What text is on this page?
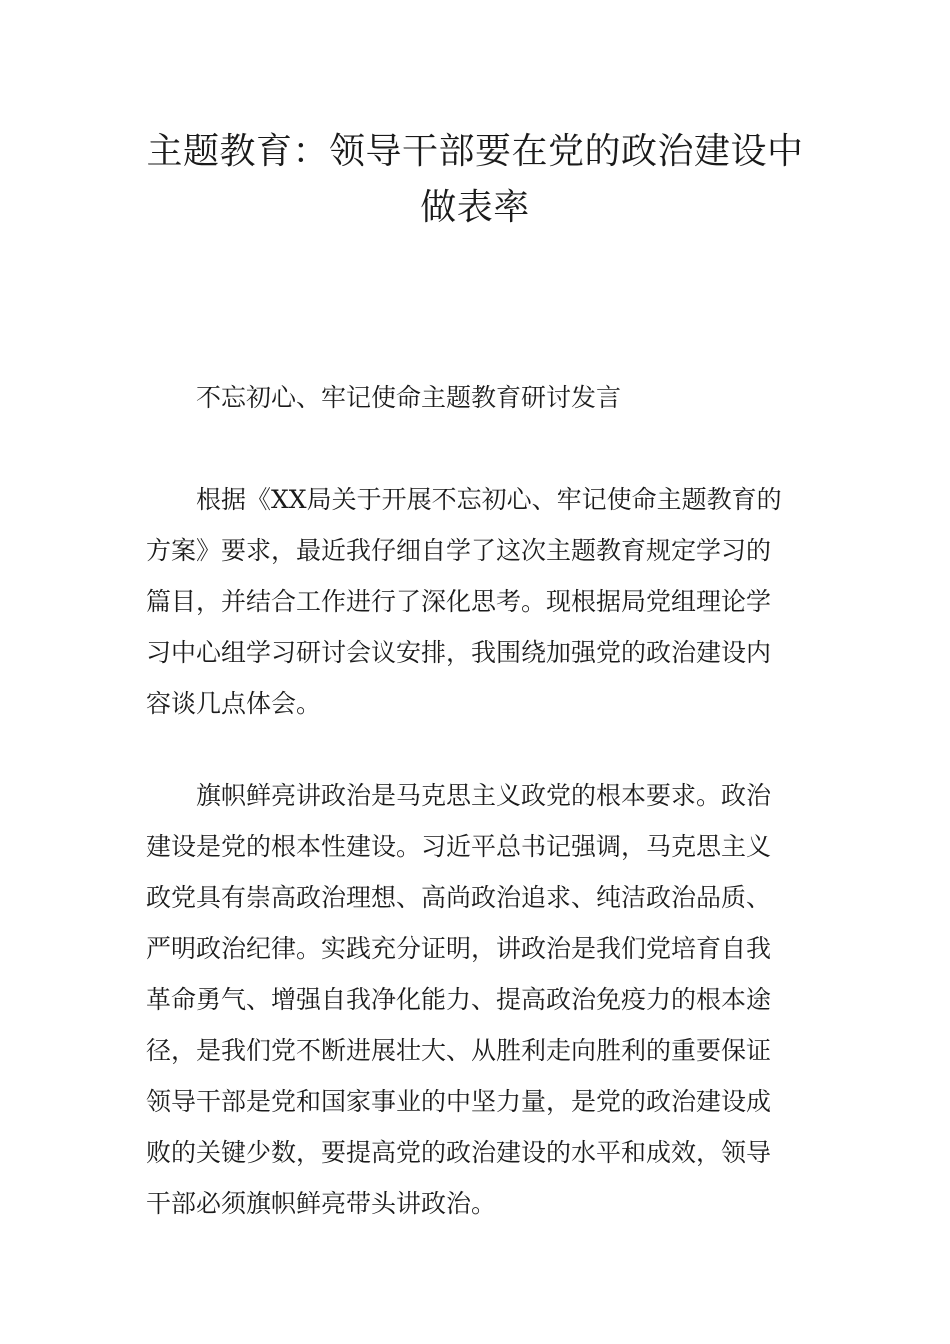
主题教育：领导干部要在党的政治建设中
做表率

不忘初心、牢记使命主题教育研讨发言

根据《XX局关于开展不忘初心、牢记使命主题教育的
方案》要求，最近我仔细自学了这次主题教育规定学习的
篇目，并结合工作进行了深化思考。现根据局党组理论学
习中心组学习研讨会议安排，我围绕加强党的政治建设内
容谈几点体会。
旗帜鲜亮讲政治是马克思主义政党的根本要求。政治
建设是党的根本性建设。习近平总书记强调，马克思主义
政党具有崇高政治理想、高尚政治追求、纯洁政治品质、
严明政治纪律。实践充分证明，讲政治是我们党培育自我
革命勇气、增强自我净化能力、提高政治免疫力的根本途
径，是我们党不断进展壮大、从胜利走向胜利的重要保证
领导干部是党和国家事业的中坚力量，是党的政治建设成
败的关键少数，要提高党的政治建设的水平和成效，领导
干部必须旗帜鲜亮带头讲政治。
